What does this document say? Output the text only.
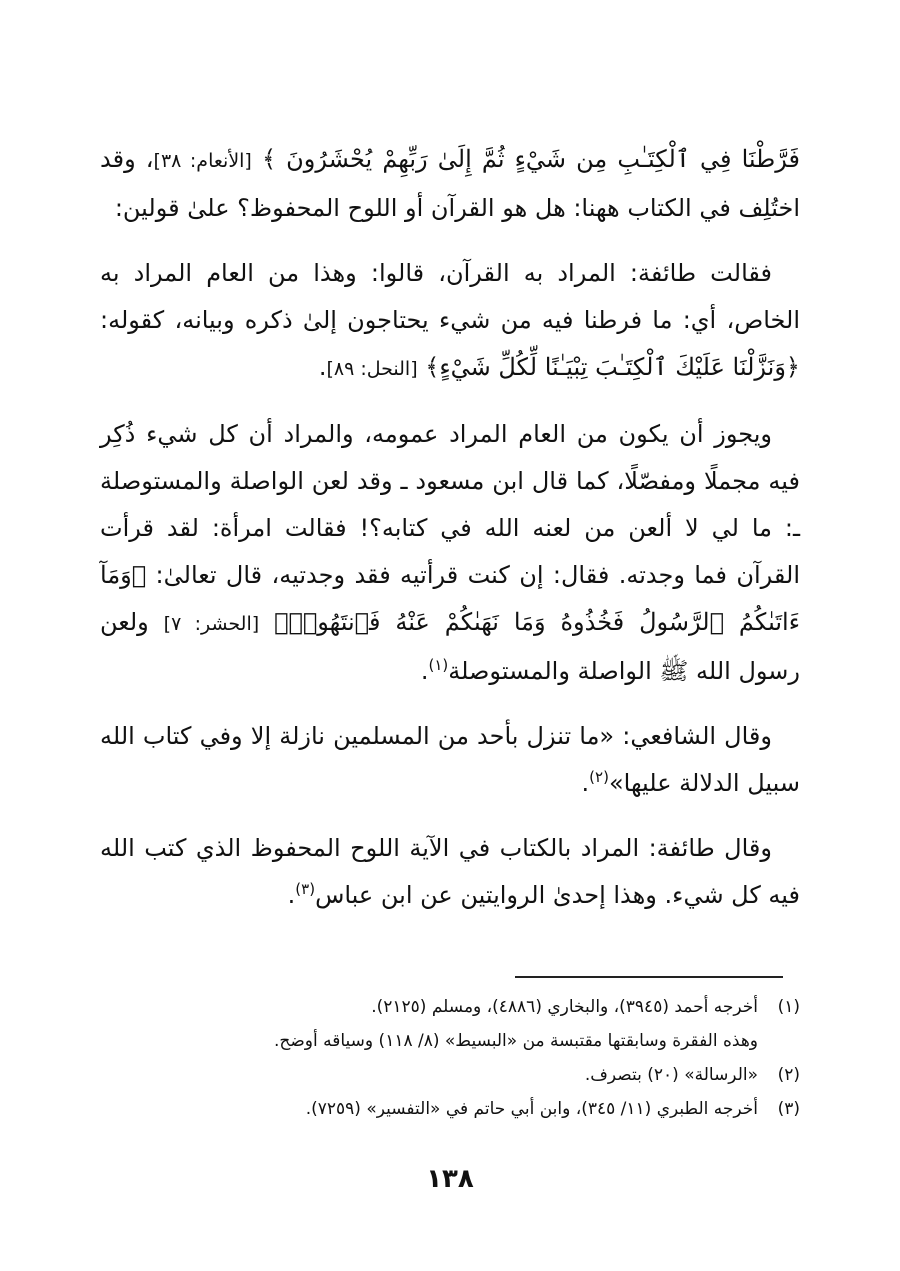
فَرَّطْنَا فِي ٱلْكِتَـٰبِ مِن شَيْءٍ ثُمَّ إِلَىٰ رَبِّهِمْ يُحْشَرُونَ ﴾ [الأنعام: ٣٨]، وقد اختُلِف في الكتاب ههنا: هل هو القرآن أو اللوح المحفوظ؟ علىٰ قولين:

فقالت طائفة: المراد به القرآن، قالوا: وهذا من العام المراد به الخاص، أي: ما فرطنا فيه من شيء يحتاجون إلىٰ ذكره وبيانه، كقوله: ﴿وَنَزَّلْنَا عَلَيْكَ ٱلْكِتَـٰبَ تِبْيَـٰنًا لِّكُلِّ شَيْءٍ﴾ [النحل: ٨٩].

ويجوز أن يكون من العام المراد عمومه، والمراد أن كل شيء ذُكِر فيه مجملًا ومفصّلًا، كما قال ابن مسعود ـ وقد لعن الواصلة والمستوصلة ـ: ما لي لا ألعن من لعنه الله في كتابه؟! فقالت امرأة: لقد قرأت القرآن فما وجدته. فقال: إن كنت قرأتيه فقد وجدتيه، قال تعالىٰ: ﴿وَمَآ ءَاتَىٰكُمُ ٱلرَّسُولُ فَخُذُوهُ وَمَا نَهَىٰكُمْ عَنْهُ فَٱنتَهُوا۟﴾ [الحشر: ٧] ولعن رسول الله ﷺ الواصلة والمستوصلة$^{(١)}$.

وقال الشافعي: «ما تنزل بأحد من المسلمين نازلة إلا وفي كتاب الله سبيل الدلالة عليها»$^{(٢)}$.

وقال طائفة: المراد بالكتاب في الآية اللوح المحفوظ الذي كتب الله فيه كل شيء. وهذا إحدىٰ الروايتين عن ابن عباس$^{(٣)}$.

(١)أخرجه أحمد (٣٩٤٥)، والبخاري (٤٨٨٦)، ومسلم (٢١٢٥).

وهذه الفقرة وسابقتها مقتبسة من «البسيط» (٨/ ١١٨) وسياقه أوضح.

(٢)«الرسالة» (٢٠) بتصرف.

(٣)أخرجه الطبري (١١/ ٣٤٥)، وابن أبي حاتم في «التفسير» (٧٢٥٩).

١٣٨
